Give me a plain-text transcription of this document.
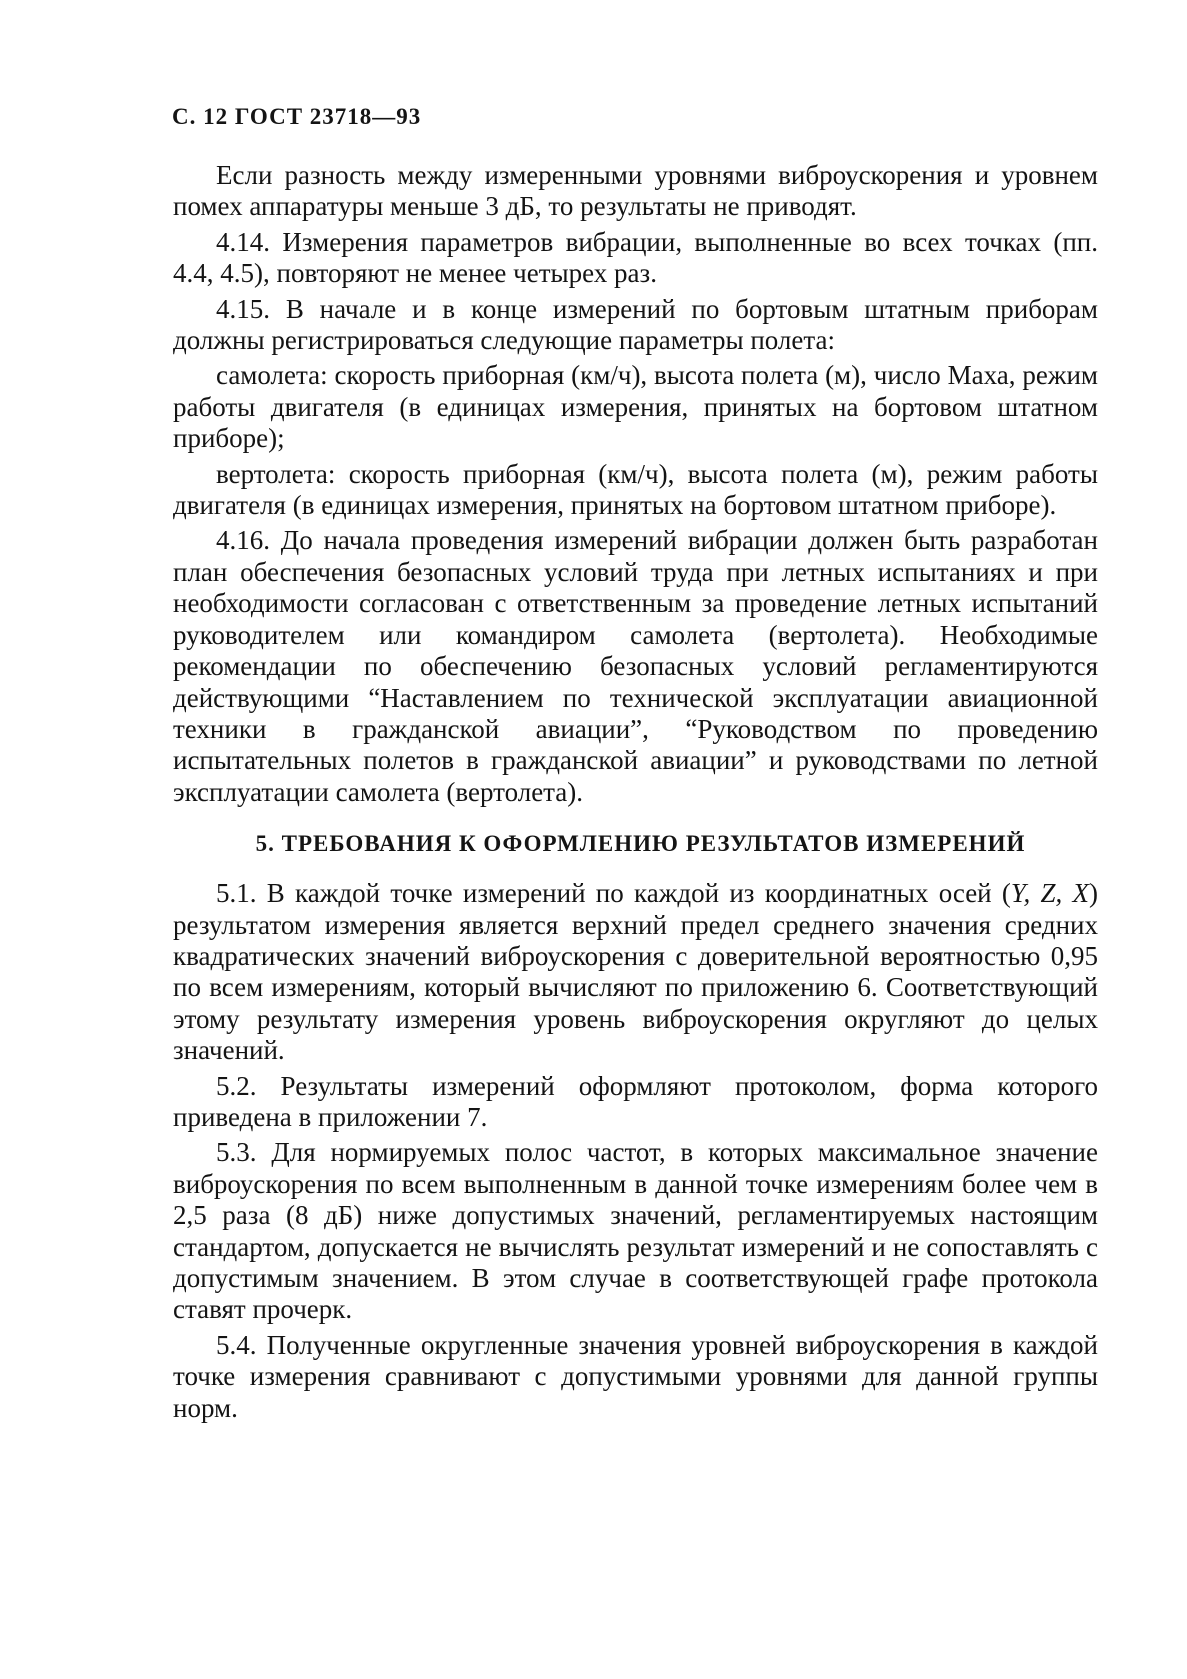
С. 12 ГОСТ 23718—93

Если разность между измеренными уровнями виброускорения и уровнем помех аппаратуры меньше 3 дБ, то результаты не приводят.

4.14. Измерения параметров вибрации, выполненные во всех точках (пп. 4.4, 4.5), повторяют не менее четырех раз.

4.15. В начале и в конце измерений по бортовым штатным приборам должны регистрироваться следующие параметры полета:

самолета: скорость приборная (км/ч), высота полета (м), число Маха, режим работы двигателя (в единицах измерения, принятых на бортовом штатном приборе);

вертолета: скорость приборная (км/ч), высота полета (м), режим работы двигателя (в единицах измерения, принятых на бортовом штатном приборе).

4.16. До начала проведения измерений вибрации должен быть разработан план обеспечения безопасных условий труда при летных испытаниях и при необходимости согласован с ответственным за проведение летных испытаний руководителем или командиром самолета (вертолета). Необходимые рекомендации по обеспечению безопасных условий регламентируются действующими “Наставлением по технической эксплуатации авиационной техники в гражданской авиации”, “Руководством по проведению испытательных полетов в гражданской авиации” и руководствами по летной эксплуатации самолета (вертолета).

5. ТРЕБОВАНИЯ К ОФОРМЛЕНИЮ РЕЗУЛЬТАТОВ ИЗМЕРЕНИЙ

5.1. В каждой точке измерений по каждой из координатных осей (Y, Z, X) результатом измерения является верхний предел среднего значения средних квадратических значений виброускорения с доверительной вероятностью 0,95 по всем измерениям, который вычисляют по приложению 6. Соответствующий этому результату измерения уровень виброускорения округляют до целых значений.

5.2. Результаты измерений оформляют протоколом, форма которого приведена в приложении 7.

5.3. Для нормируемых полос частот, в которых максимальное значение виброускорения по всем выполненным в данной точке измерениям более чем в 2,5 раза (8 дБ) ниже допустимых значений, регламентируемых настоящим стандартом, допускается не вычислять результат измерений и не сопоставлять с допустимым значением. В этом случае в соответствующей графе протокола ставят прочерк.

5.4. Полученные округленные значения уровней виброускорения в каждой точке измерения сравнивают с допустимыми уровнями для данной группы норм.
